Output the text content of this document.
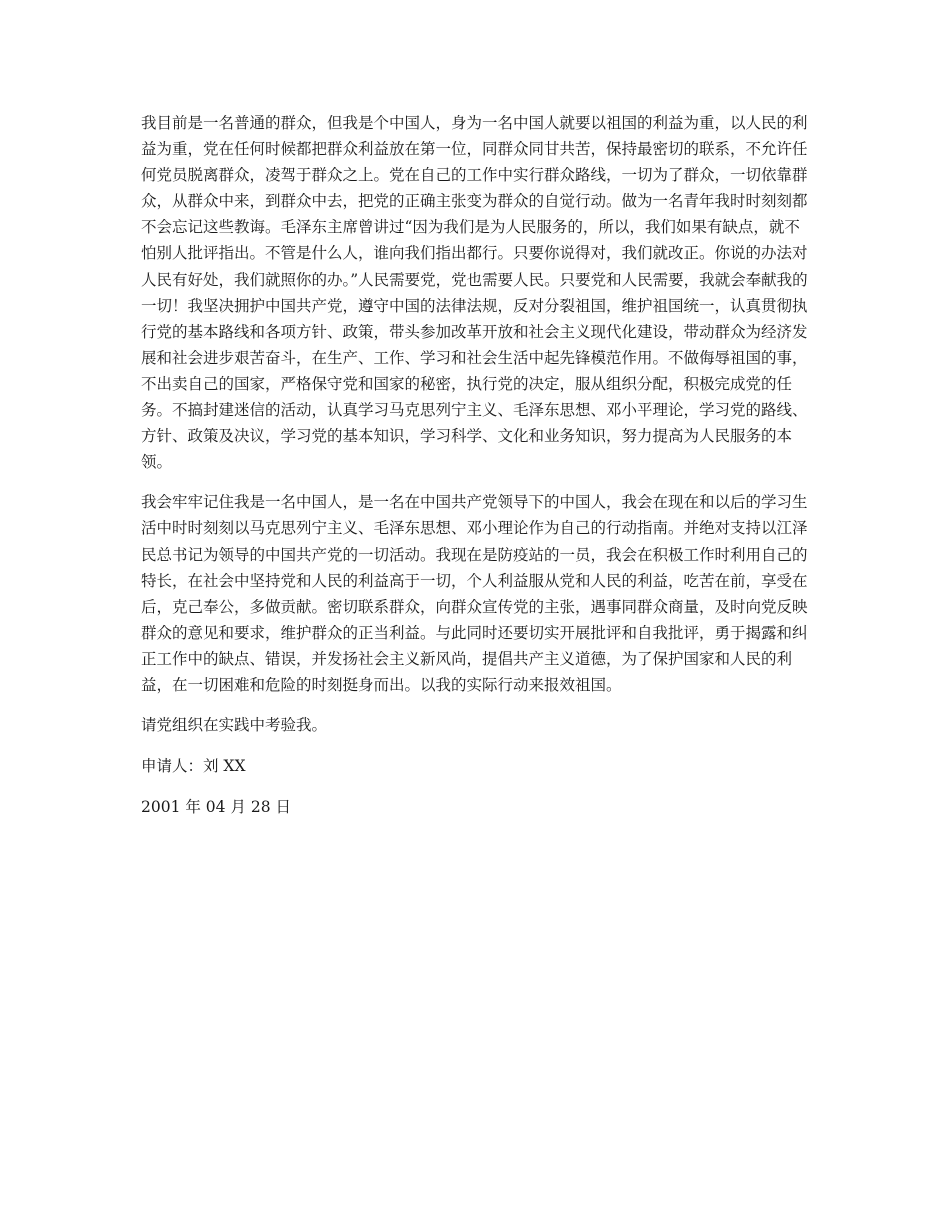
我目前是一名普通的群众，但我是个中国人，身为一名中国人就要以祖国的利益为重，以人民的利益为重，党在任何时候都把群众利益放在第一位，同群众同甘共苦，保持最密切的联系，不允许任何党员脱离群众，凌驾于群众之上。党在自己的工作中实行群众路线，一切为了群众，一切依靠群众，从群众中来，到群众中去，把党的正确主张变为群众的自觉行动。做为一名青年我时时刻刻都不会忘记这些教诲。毛泽东主席曾讲过“因为我们是为人民服务的，所以，我们如果有缺点，就不怕别人批评指出。不管是什么人，谁向我们指出都行。只要你说得对，我们就改正。你说的办法对人民有好处，我们就照你的办。”人民需要党，党也需要人民。只要党和人民需要，我就会奉献我的一切！我坚决拥护中国共产党，遵守中国的法律法规，反对分裂祖国，维护祖国统一，认真贯彻执行党的基本路线和各项方针、政策，带头参加改革开放和社会主义现代化建设，带动群众为经济发展和社会进步艰苦奋斗，在生产、工作、学习和社会生活中起先锋模范作用。不做侮辱祖国的事，不出卖自己的国家，严格保守党和国家的秘密，执行党的决定，服从组织分配，积极完成党的任务。不搞封建迷信的活动，认真学习马克思列宁主义、毛泽东思想、邓小平理论，学习党的路线、方针、政策及决议，学习党的基本知识，学习科学、文化和业务知识，努力提高为人民服务的本领。

我会牢牢记住我是一名中国人，是一名在中国共产党领导下的中国人，我会在现在和以后的学习生活中时时刻刻以马克思列宁主义、毛泽东思想、邓小理论作为自己的行动指南。并绝对支持以江泽民总书记为领导的中国共产党的一切活动。我现在是防疫站的一员，我会在积极工作时利用自己的特长，在社会中坚持党和人民的利益高于一切，个人利益服从党和人民的利益，吃苦在前，享受在后，克己奉公，多做贡献。密切联系群众，向群众宣传党的主张，遇事同群众商量，及时向党反映群众的意见和要求，维护群众的正当利益。与此同时还要切实开展批评和自我批评，勇于揭露和纠正工作中的缺点、错误，并发扬社会主义新风尚，提倡共产主义道德，为了保护国家和人民的利益，在一切困难和危险的时刻挺身而出。以我的实际行动来报效祖国。

请党组织在实践中考验我。

申请人：刘 XX

2001 年 04 月 28 日
